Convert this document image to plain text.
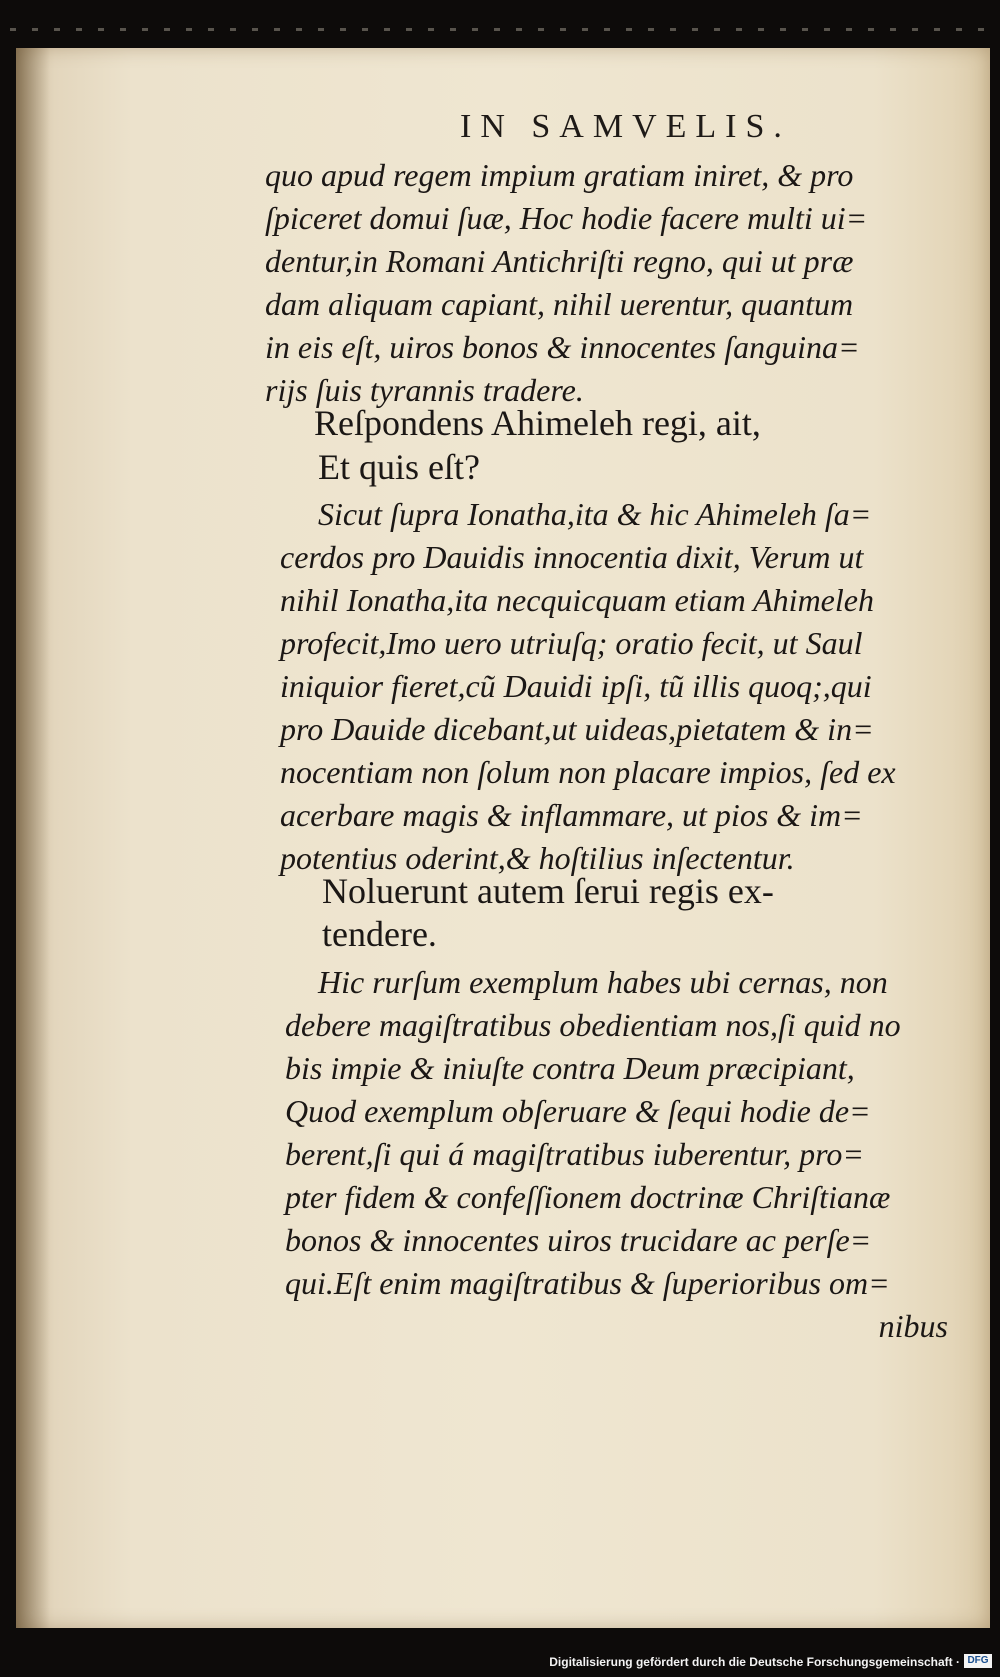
IN SAMVELIS.

quo apud regem impium gratiam iniret, & pro

ſpiceret domui ſuæ, Hoc hodie facere multi ui=

dentur,in Romani Antichriſti regno, qui ut præ

dam aliquam capiant, nihil uerentur, quantum

in eis eſt, uiros bonos & innocentes ſanguina=

rijs ſuis tyrannis tradere.

Reſpondens Ahimeleh regi, ait,

Et quis eſt?

Sicut ſupra Ionatha,ita & hic Ahimeleh ſa=

cerdos pro Dauidis innocentia dixit, Verum ut

nihil Ionatha,ita necquicquam etiam Ahimeleh

profecit,Imo uero utriuſq; oratio fecit, ut Saul

iniquior fieret,cũ Dauidi ipſi, tũ illis quoq;,qui

pro Dauide dicebant,ut uideas,pietatem & in=

nocentiam non ſolum non placare impios, ſed ex

acerbare magis & inflammare, ut pios & im=

potentius oderint,& hoſtilius inſectentur.

Noluerunt autem ſerui regis ex-

tendere.

Hic rurſum exemplum habes ubi cernas, non

debere magiſtratibus obedientiam nos,ſi quid no

bis impie & iniuſte contra Deum præcipiant,

Quod exemplum obſeruare & ſequi hodie de=

berent,ſi qui á magiſtratibus iuberentur, pro=

pter fidem & confeſſionem doctrinæ Chriſtianæ

bonos & innocentes uiros trucidare ac perſe=

qui.Eſt enim magiſtratibus & ſuperioribus om=

nibus

Digitalisierung gefördert durch die Deutsche Forschungsgemeinschaft · DFG
